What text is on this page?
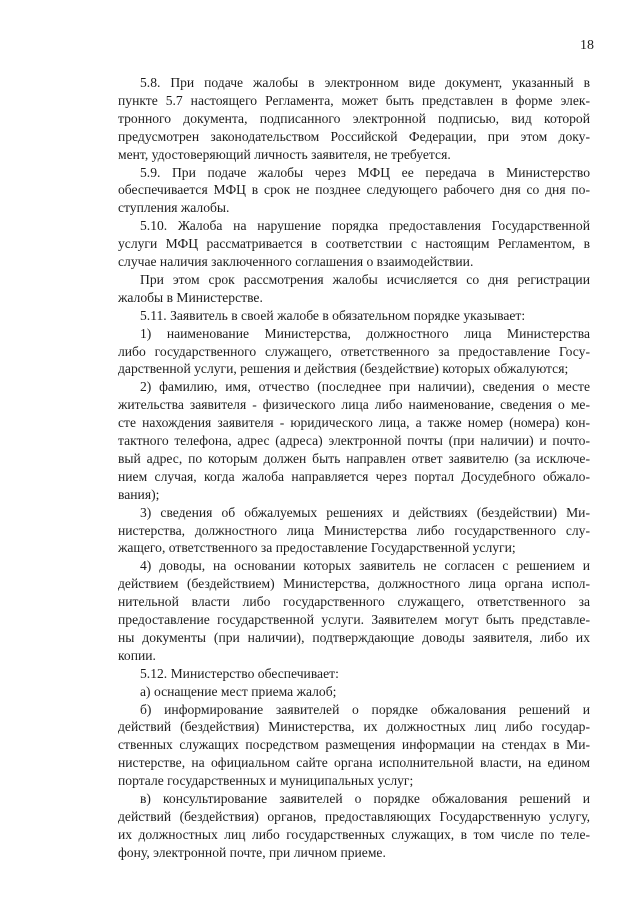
18
5.8. При подаче жалобы в электронном виде документ, указанный в
пункте 5.7 настоящего Регламента, может быть представлен в форме элек-
тронного документа, подписанного электронной подписью, вид которой
предусмотрен законодательством Российской Федерации, при этом доку-
мент, удостоверяющий личность заявителя, не требуется.
5.9. При подаче жалобы через МФЦ ее передача в Министерство
обеспечивается МФЦ в срок не позднее следующего рабочего дня со дня по-
ступления жалобы.
5.10. Жалоба на нарушение порядка предоставления Государственной
услуги МФЦ рассматривается в соответствии с настоящим Регламентом, в
случае наличия заключенного соглашения о взаимодействии.
При этом срок рассмотрения жалобы исчисляется со дня регистрации
жалобы в Министерстве.
5.11. Заявитель в своей жалобе в обязательном порядке указывает:
1) наименование Министерства, должностного лица Министерства
либо государственного служащего, ответственного за предоставление Госу-
дарственной услуги, решения и действия (бездействие) которых обжалуются;
2) фамилию, имя, отчество (последнее при наличии), сведения о месте
жительства заявителя - физического лица либо наименование, сведения о ме-
сте нахождения заявителя - юридического лица, а также номер (номера) кон-
тактного телефона, адрес (адреса) электронной почты (при наличии) и почто-
вый адрес, по которым должен быть направлен ответ заявителю (за исключе-
нием случая, когда жалоба направляется через портал Досудебного обжало-
вания);
3) сведения об обжалуемых решениях и действиях (бездействии) Ми-
нистерства, должностного лица Министерства либо государственного слу-
жащего, ответственного за предоставление Государственной услуги;
4) доводы, на основании которых заявитель не согласен с решением и
действием (бездействием) Министерства, должностного лица органа испол-
нительной власти либо государственного служащего, ответственного за
предоставление государственной услуги. Заявителем могут быть представле-
ны документы (при наличии), подтверждающие доводы заявителя, либо их
копии.
5.12. Министерство обеспечивает:
а) оснащение мест приема жалоб;
б) информирование заявителей о порядке обжалования решений и
действий (бездействия) Министерства, их должностных лиц либо государ-
ственных служащих посредством размещения информации на стендах в Ми-
нистерстве, на официальном сайте органа исполнительной власти, на едином
портале государственных и муниципальных услуг;
в) консультирование заявителей о порядке обжалования решений и
действий (бездействия) органов, предоставляющих Государственную услугу,
их должностных лиц либо государственных служащих, в том числе по теле-
фону, электронной почте, при личном приеме.
